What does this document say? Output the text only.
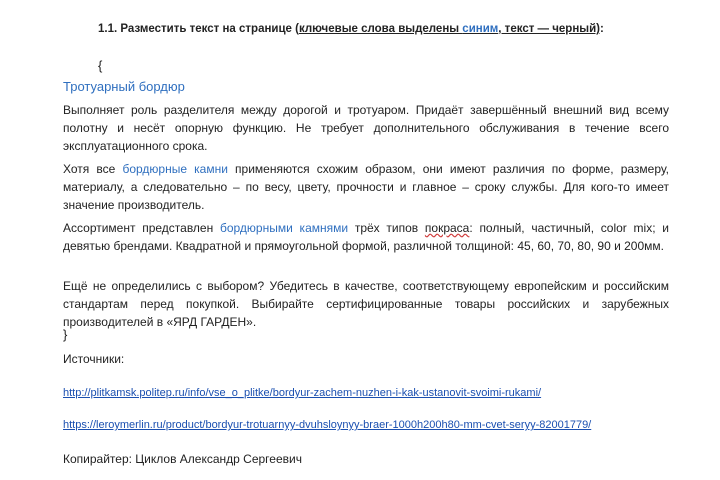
1.1. Разместить текст на странице (ключевые слова выделены синим, текст — черный):
{
Тротуарный бордюр

Выполняет роль разделителя между дорогой и тротуаром. Придаёт завершённый внешний вид всему полотну и несёт опорную функцию. Не требует дополнительного обслуживания в течение всего эксплуатационного срока.

Хотя все бордюрные камни применяются схожим образом, они имеют различия по форме, размеру, материалу, а следовательно – по весу, цвету, прочности и главное – сроку службы. Для кого-то имеет значение производитель.

Ассортимент представлен бордюрными камнями трёх типов покраса: полный, частичный, color mix; и девятью брендами. Квадратной и прямоугольной формой, различной толщиной: 45, 60, 70, 80, 90 и 200мм.

Ещё не определились с выбором? Убедитесь в качестве, соответствующему европейским и российским стандартам перед покупкой. Выбирайте сертифицированные товары российских и зарубежных производителей в «ЯРД ГАРДЕН».

}
Источники:
http://plitkamsk.politep.ru/info/vse_o_plitke/bordyur-zachem-nuzhen-i-kak-ustanovit-svoimi-rukami/
https://leroymerlin.ru/product/bordyur-trotuarnyy-dvuhsloynyy-braer-1000h200h80-mm-cvet-seryy-82001779/
Копирайтер: Циклов Александр Сергеевич
